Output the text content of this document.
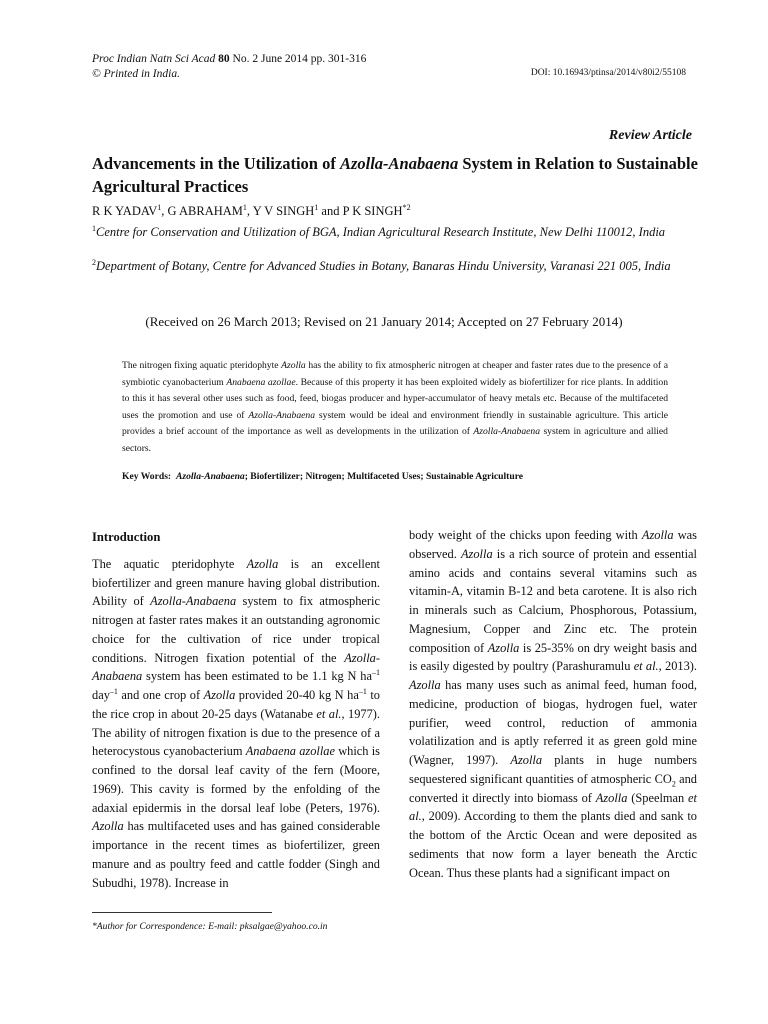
Proc Indian Natn Sci Acad 80 No. 2 June 2014 pp. 301-316
© Printed in India.	DOI: 10.16943/ptinsa/2014/v80i2/55108
Review Article
Advancements in the Utilization of Azolla-Anabaena System in Relation to Sustainable Agricultural Practices
R K YADAV$^1$, G ABRAHAM$^1$, Y V SINGH$^1$ and P K SINGH$^{*2}$
$^1$Centre for Conservation and Utilization of BGA, Indian Agricultural Research Institute, New Delhi 110012, India
$^2$Department of Botany, Centre for Advanced Studies in Botany, Banaras Hindu University, Varanasi 221 005, India
(Received on 26 March 2013; Revised on 21 January 2014; Accepted on 27 February 2014)
The nitrogen fixing aquatic pteridophyte Azolla has the ability to fix atmospheric nitrogen at cheaper and faster rates due to the presence of a symbiotic cyanobacterium Anabaena azollae. Because of this property it has been exploited widely as biofertilizer for rice plants. In addition to this it has several other uses such as food, feed, biogas producer and hyper-accumulator of heavy metals etc. Because of the multifaceted uses the promotion and use of Azolla-Anabaena system would be ideal and environment friendly in sustainable agriculture. This article provides a brief account of the importance as well as developments in the utilization of Azolla-Anabaena system in agriculture and allied sectors.
Key Words: Azolla-Anabaena; Biofertilizer; Nitrogen; Multifaceted Uses; Sustainable Agriculture
Introduction

The aquatic pteridophyte Azolla is an excellent biofertilizer and green manure having global distribution. Ability of Azolla-Anabaena system to fix atmospheric nitrogen at faster rates makes it an outstanding agronomic choice for the cultivation of rice under tropical conditions. Nitrogen fixation potential of the Azolla-Anabaena system has been estimated to be 1.1 kg N $ha^{-1}$ day$^{-1}$ and one crop of Azolla provided 20-40 kg N $ha^{-1}$ to the rice crop in about 20-25 days (Watanabe et al., 1977). The ability of nitrogen fixation is due to the presence of a heterocystous cyanobacterium Anabaena azollae which is confined to the dorsal leaf cavity of the fern (Moore, 1969). This cavity is formed by the enfolding of the adaxial epidermis in the dorsal leaf lobe (Peters, 1976). Azolla has multifaceted uses and has gained considerable importance in the recent times as biofertilizer, green manure and as poultry feed and cattle fodder (Singh and Subudhi, 1978). Increase in

body weight of the chicks upon feeding with Azolla was observed. Azolla is a rich source of protein and essential amino acids and contains several vitamins such as vitamin-A, vitamin B-12 and beta carotene. It is also rich in minerals such as Calcium, Phosphorous, Potassium, Magnesium, Copper and Zinc etc. The protein composition of Azolla is 25-35% on dry weight basis and is easily digested by poultry (Parashuramulu et al., 2013). Azolla has many uses such as animal feed, human food, medicine, production of biogas, hydrogen fuel, water purifier, weed control, reduction of ammonia volatilization and is aptly referred it as green gold mine (Wagner, 1997). Azolla plants in huge numbers sequestered significant quantities of atmospheric $CO_2$ and converted it directly into biomass of Azolla (Speelman et al., 2009). According to them the plants died and sank to the bottom of the Arctic Ocean and were deposited as sediments that now form a layer beneath the Arctic Ocean. Thus these plants had a significant impact on

*Author for Correspondence: E-mail: pksalgae@yahoo.co.in
